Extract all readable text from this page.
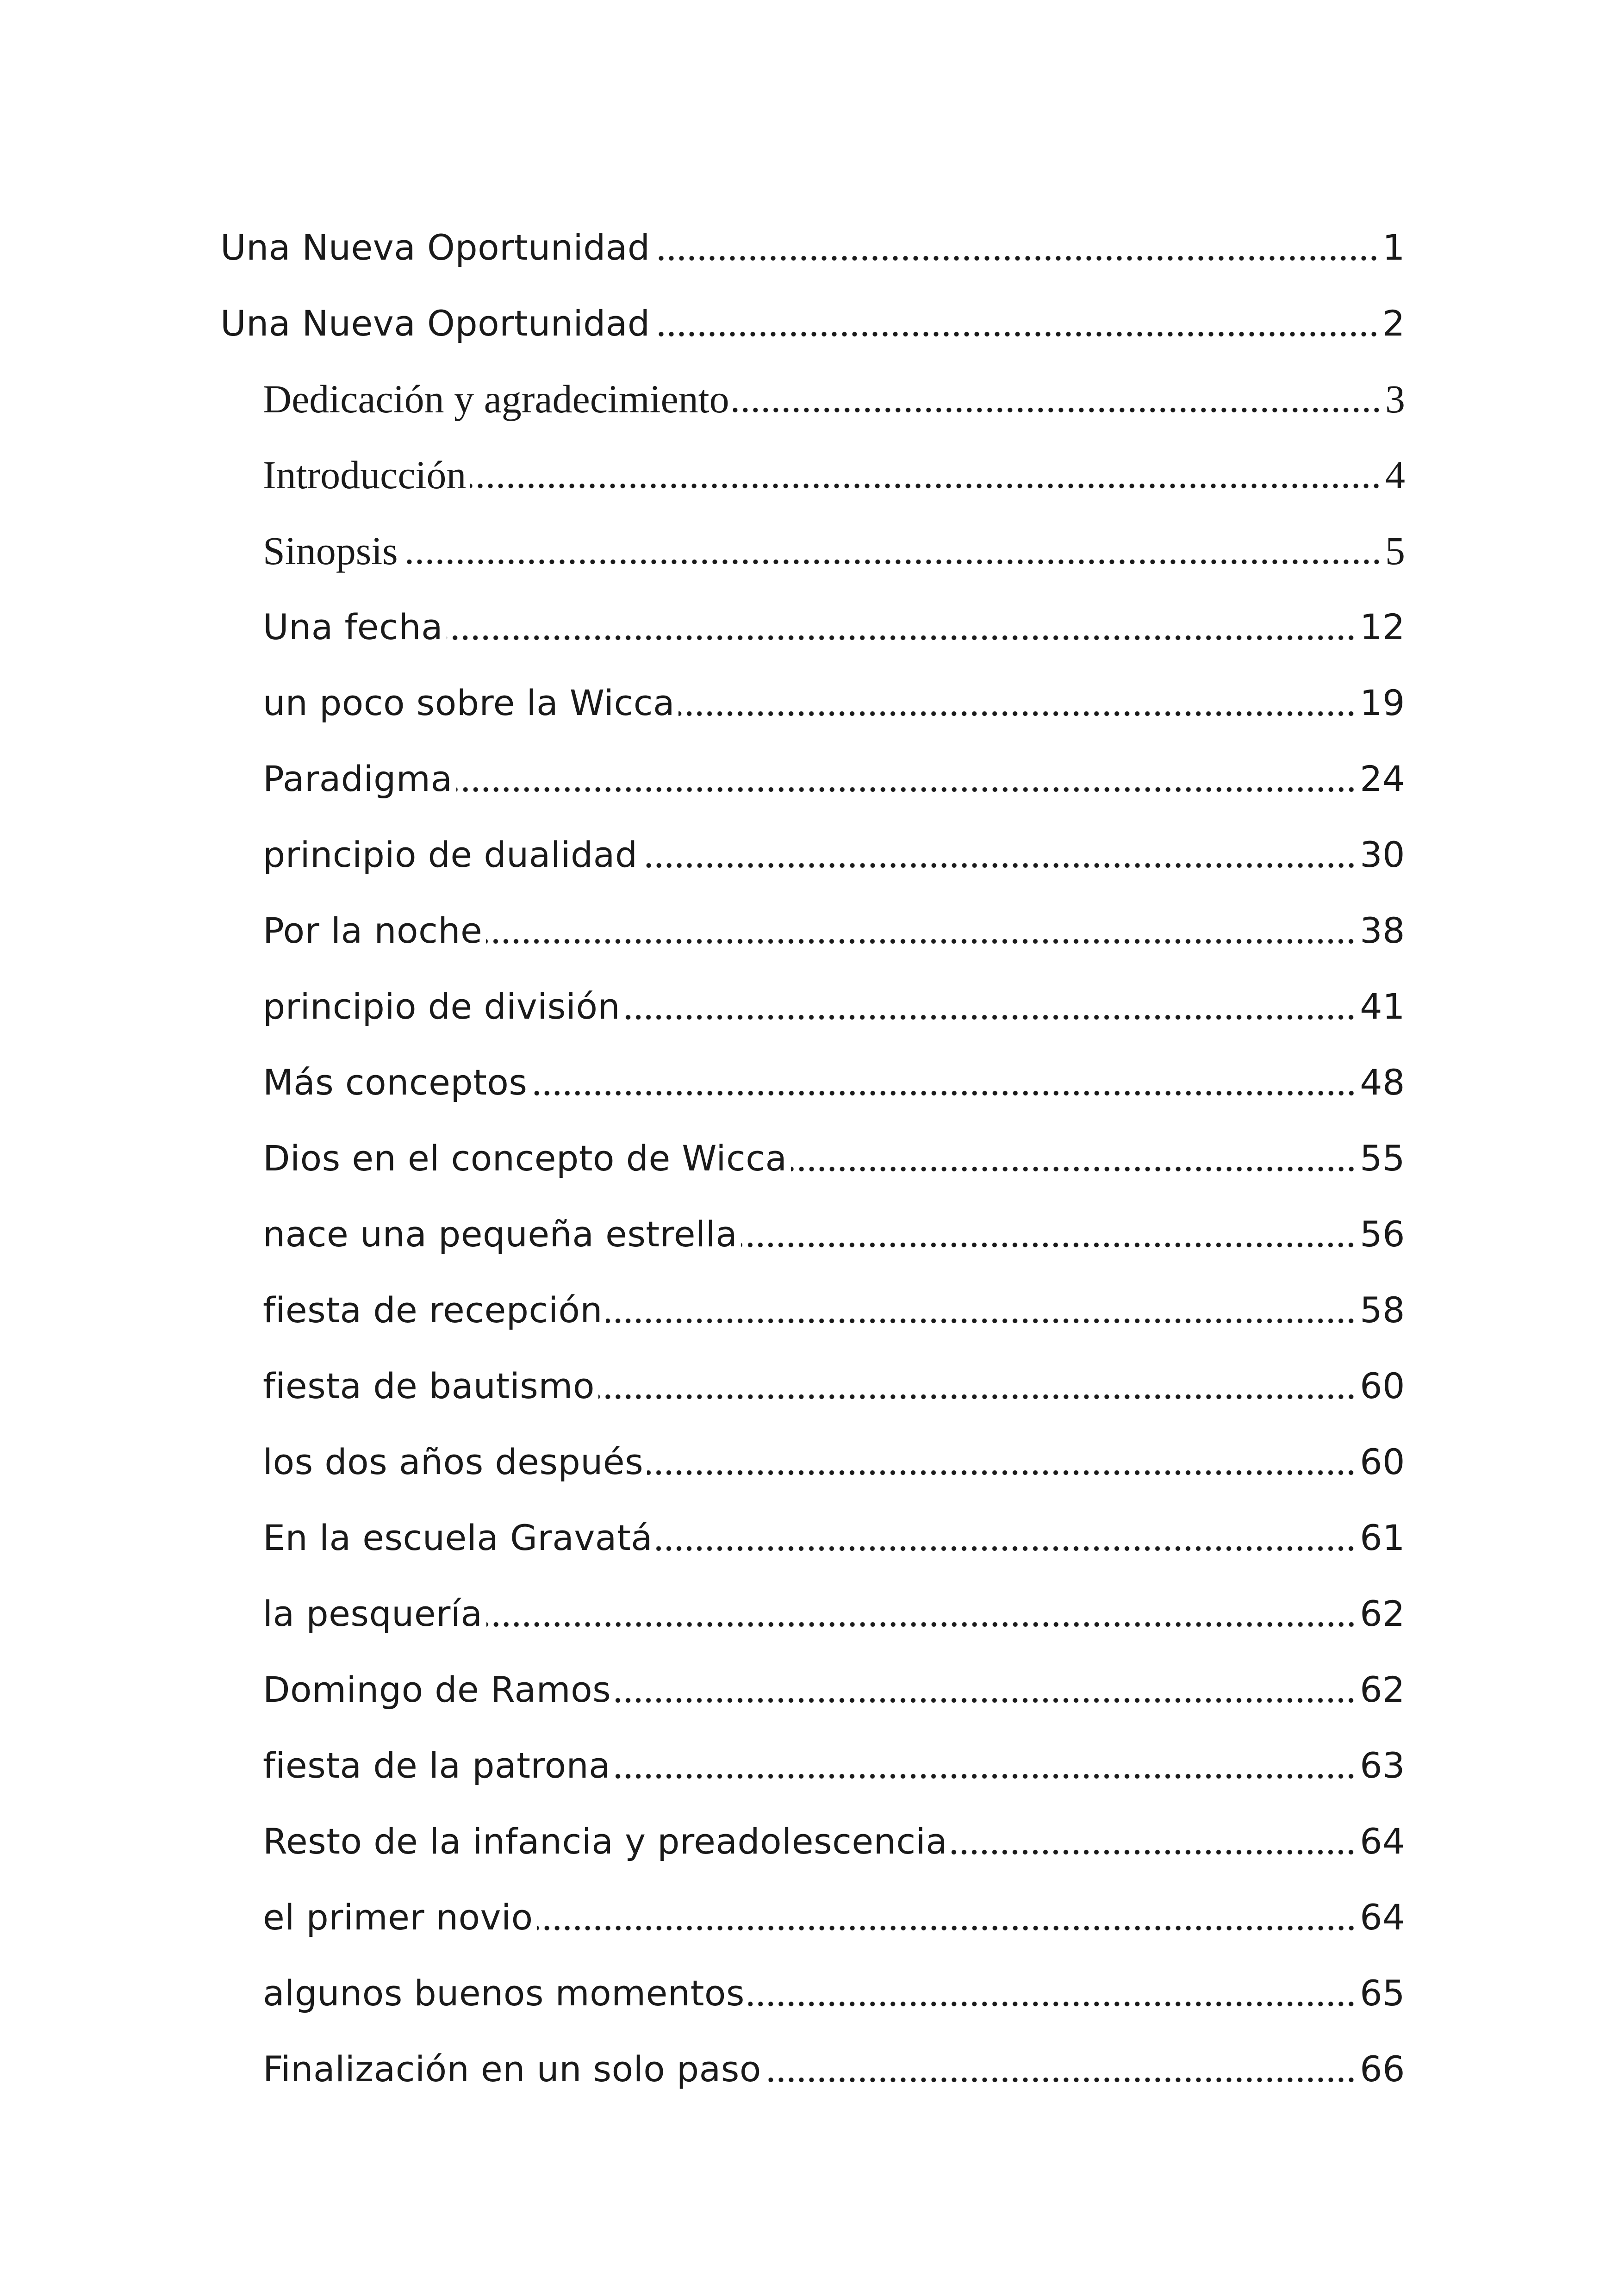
Una Nueva Oportunidad	1
Una Nueva Oportunidad	2
Dedicación y agradecimiento	3
Introducción	4
Sinopsis	5
Una fecha	12
un poco sobre la Wicca	19
Paradigma	24
principio de dualidad	30
Por la noche	38
principio de división	41
Más conceptos	48
Dios en el concepto de Wicca	55
nace una pequeña estrella	56
fiesta de recepción	58
fiesta de bautismo	60
los dos años después	60
En la escuela Gravatá	61
la pesquería	62
Domingo de Ramos	62
fiesta de la patrona	63
Resto de la infancia y preadolescencia	64
el primer novio	64
algunos buenos momentos	65
Finalización en un solo paso	66
